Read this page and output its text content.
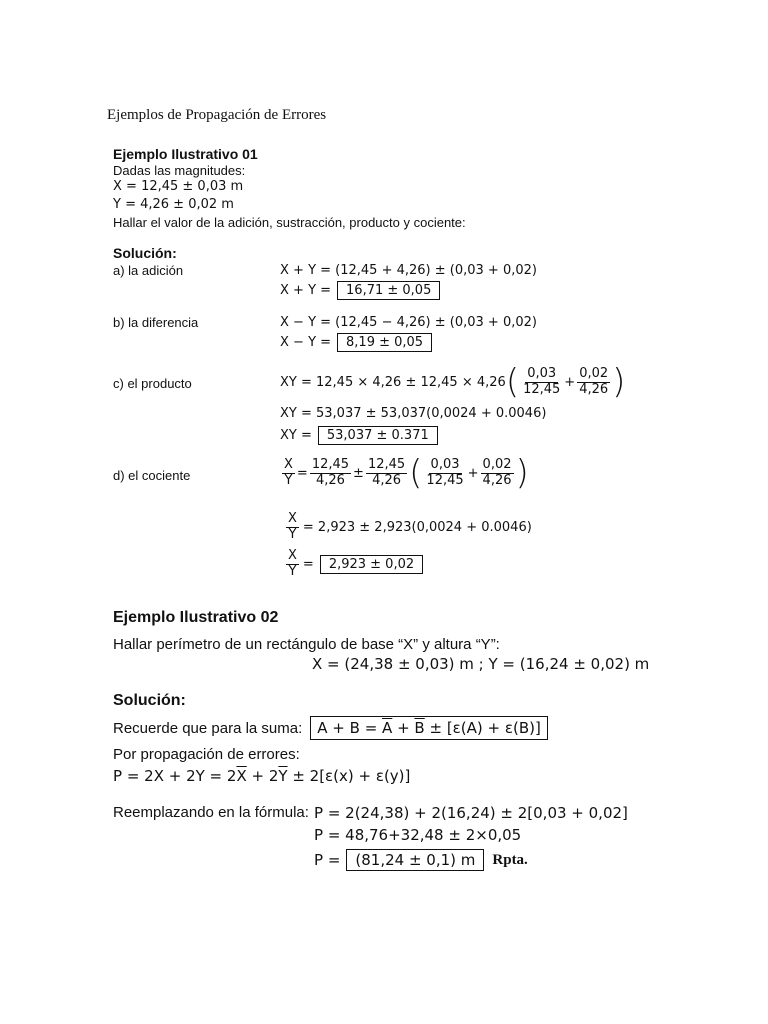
Ejemplos de Propagación de Errores
Ejemplo Ilustrativo 01
Dadas las magnitudes:
X = 12,45 ± 0,03 m
Y = 4,26 ± 0,02 m
Hallar el valor de la adición, sustracción, producto y cociente:
Solución:
a) la adición	X + Y = (12,45 + 4,26) ± (0,03 + 0,02)
X + Y =	16,71 ± 0,05
b) la diferencia	X − Y = (12,45 − 4,26) ± (0,03 + 0,02)
X − Y =	8,19 ± 0,05
c) el producto	XY = 12,45 × 4,26 ± 12,45 × 4,26 ( $\frac{0,03}{12,45} + \frac{0,02}{4,26}$ )
XY = 53,037 ± 53,037(0,0024 + 0.0046)
XY =	53,037 ± 0.371
d) el cociente	$\frac{X}{Y} = \frac{12,45}{4,26} \pm \frac{12,45}{4,26}$ ( $\frac{0,03}{12,45} + \frac{0,02}{4,26}$ )
$\frac{X}{Y} = 2,923 \pm 2,923(0,0024 + 0.0046)$
$\frac{X}{Y}$ =	2,923 ± 0,02
Ejemplo Ilustrativo 02
Hallar perímetro de un rectángulo de base “X” y altura “Y”:
X = (24,38 ± 0,03) m ; Y = (16,24 ± 0,02) m
Solución:
Recuerde que para la suma:	$A + B = \overline{A} + \overline{B} \pm [\varepsilon(A) + \varepsilon(B)]$
Por propagación de errores:
$P = 2X + 2Y = 2\overline{X} + 2\overline{Y} \pm 2[\varepsilon(x) + \varepsilon(y)]$
Reemplazando en la fórmula: P = 2(24,38) + 2(16,24) ± 2[0,03 + 0,02]
P = 48,76+32,48 ± 2×0,05
P =	(81,24 ± 0,1) m	Rpta.
